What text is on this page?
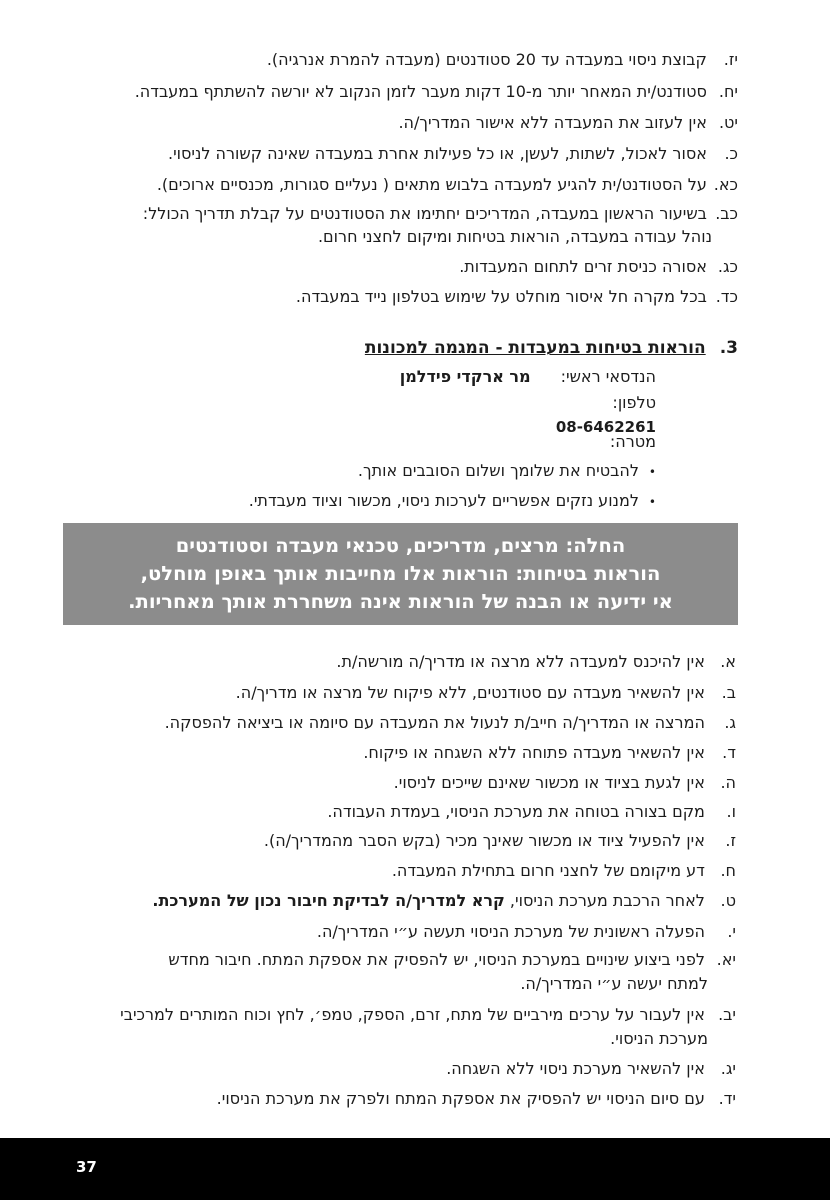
יז. קבוצת ניסוי במעבדה עד 20 סטודנטים (מעבדה להמרת אנרגיה).
יח. סטודנט/ית המאחר יותר מ-10 דקות מעבר לזמן הנקוב לא יורשה להשתתף במעבדה.
יט. אין לעזוב את המעבדה ללא אישור המדריך/ה.
כ. אסור לאכול, לשתות, לעשן, או כל פעילות אחרת במעבדה שאינה קשורה לניסוי.
כא. על הסטודנט/ית להגיע למעבדה בלבוש מתאים ( נעליים סגורות, מכנסיים ארוכים).
כב. בשיעור הראשון במעבדה, המדריכים יחתימו את הסטודנטים על קבלת תדריך הכולל:
נוהל עבודה במעבדה, הוראות בטיחות ומיקום לחצני חרום.
כג. אסורה כניסת זרים לתחום המעבדות.
כד. בכל מקרה חל איסור מוחלט על שימוש בטלפון נייד במעבדה.
3.הוראות בטיחות במעבדות - המגמה למכונות
הנדסאי ראשי:מר ארקדי פידלמן
טלפון:
08-6462261
מטרה:
•להבטיח את שלומך ושלום הסובבים אותך.
•למנוע נזקים אפשריים לערכות ניסוי, מכשור וציוד מעבדתי.
החלה: מרצים, מדריכים, טכנאי מעבדה וסטודנטים
הוראות בטיחות: הוראות אלו מחייבות אותך באופן מוחלט,
אי ידיעה או הבנה של הוראות אינה משחררת אותך מאחריות.
א. אין להיכנס למעבדה ללא מרצה או מדריך/ה מורשה/ת.
ב. אין להשאיר מעבדה עם סטודנטים, ללא פיקוח של מרצה או מדריך/ה.
ג. המרצה או המדריך/ה חייב/ת לנעול את המעבדה עם סיומה או ביציאה להפסקה.
ד. אין להשאיר מעבדה פתוחה ללא השגחה או פיקוח.
ה. אין לגעת בציוד או מכשור שאינם שייכים לניסוי.
ו. מקם בצורה בטוחה את מערכת הניסוי, בעמדת העבודה.
ז. אין להפעיל ציוד או מכשור שאינך מכיר (בקש הסבר מהמדריך/ה).
ח. דע מיקומם של לחצני חרום בתחילת המעבדה.
ט. לאחר הרכבת מערכת הניסוי, קרא למדריך/ה לבדיקת חיבור נכון של המערכת.
י. הפעלה ראשונית של מערכת הניסוי תעשה ע״י המדריך/ה.
יא. לפני ביצוע שינויים במערכת הניסוי, יש להפסיק את אספקת המתח. חיבור מחדש
למתח יעשה ע״י המדריך/ה.
יב. אין לעבור על ערכים מירביים של מתח, זרם, הספק, טמפ׳, לחץ וכוח המותרים למרכיבי
מערכת הניסוי.
יג. אין להשאיר מערכת ניסוי ללא השגחה.
יד. עם סיום הניסוי יש להפסיק את אספקת המתח ולפרק את מערכת הניסוי.
37
